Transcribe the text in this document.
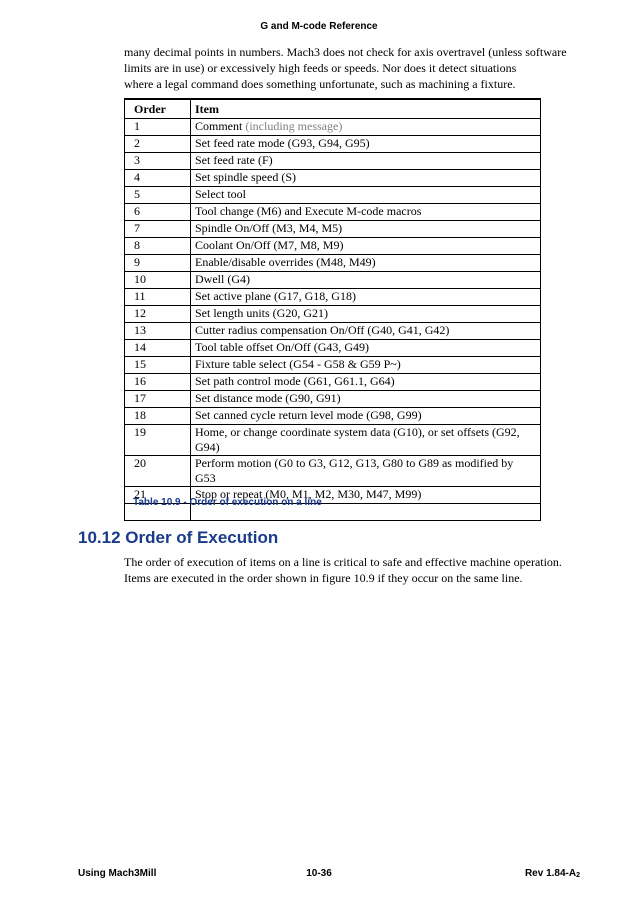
G and M-code Reference
many decimal points in numbers. Mach3 does not check for axis overtravel (unless software
limits are in use) or excessively high feeds or speeds. Nor does it detect situations
where a legal command does something unfortunate, such as machining a fixture.
Order	Item
1	Comment (including message)
2	Set feed rate mode (G93, G94, G95)
3	Set feed rate (F)
4	Set spindle speed (S)
5	Select tool
6	Tool change (M6) and Execute M-code macros
7	Spindle On/Off (M3, M4, M5)
8	Coolant On/Off (M7, M8, M9)
9	Enable/disable overrides (M48, M49)
10	Dwell (G4)
11	Set active plane (G17, G18, G18)
12	Set length units (G20, G21)
13	Cutter radius compensation On/Off (G40, G41, G42)
14	Tool table offset On/Off (G43, G49)
15	Fixture table select (G54 - G58 & G59 P~)
16	Set path control mode (G61, G61.1, G64)
17	Set distance mode (G90, G91)
18	Set canned cycle return level mode (G98, G99)
19	Home, or change coordinate system data (G10), or set offsets (G92,
G94)

20	Perform motion (G0 to G3, G12, G13, G80 to G89 as modified by G53
21	Stop or repeat (M0, M1, M2, M30, M47, M99)

Table 10.9 - Order of execution on a line
10.12 Order of Execution
The order of execution of items on a line is critical to safe and effective machine operation.
Items are executed in the order shown in figure 10.9 if they occur on the same line.
Using Mach3Mill	10-36	Rev 1.84-A2
